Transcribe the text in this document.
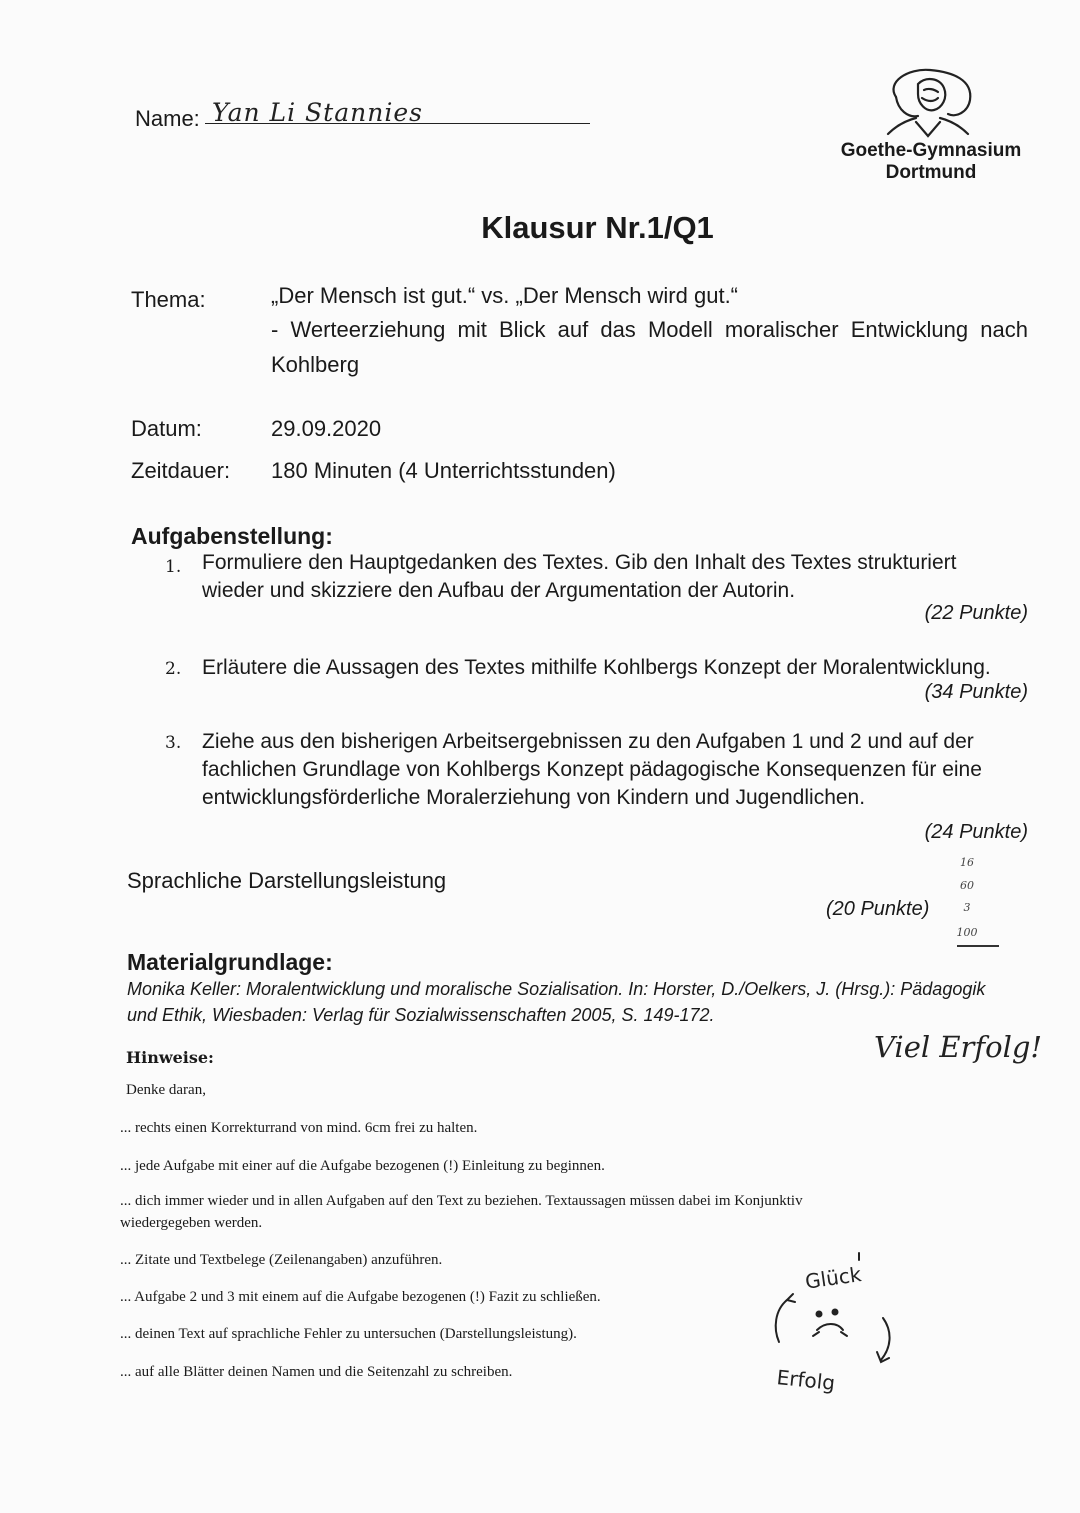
Name: Yan Li Stannies
Goethe-Gymnasium
Dortmund
Klausur Nr.1/Q1
Thema:	„Der Mensch ist gut.“ vs. „Der Mensch wird gut.“
- Werteerziehung mit Blick auf das Modell moralischer Entwicklung nach
Kohlberg
Datum:	29.09.2020
Zeitdauer: 180 Minuten (4 Unterrichtsstunden)
Aufgabenstellung:
1. Formuliere den Hauptgedanken des Textes. Gib den Inhalt des Textes strukturiert wieder und skizziere den Aufbau der Argumentation der Autorin.
(22 Punkte)
2. Erläutere die Aussagen des Textes mithilfe Kohlbergs Konzept der Moralentwicklung.
(34 Punkte)
3. Ziehe aus den bisherigen Arbeitsergebnissen zu den Aufgaben 1 und 2 und auf der fachlichen Grundlage von Kohlbergs Konzept pädagogische Konsequenzen für eine entwicklungsförderliche Moralerziehung von Kindern und Jugendlichen.
(24 Punkte)
Sprachliche Darstellungsleistung
(20 Punkte)
16
60
3
100
Materialgrundlage:
Monika Keller: Moralentwicklung und moralische Sozialisation. In: Horster, D./Oelkers, J. (Hrsg.): Pädagogik und Ethik, Wiesbaden: Verlag für Sozialwissenschaften 2005, S. 149-172.
Hinweise:	Viel Erfolg!
Denke daran,
... rechts einen Korrekturrand von mind. 6cm frei zu halten.
... jede Aufgabe mit einer auf die Aufgabe bezogenen (!) Einleitung zu beginnen.
... dich immer wieder und in allen Aufgaben auf den Text zu beziehen. Textaussagen müssen dabei im Konjunktiv wiedergegeben werden.
... Zitate und Textbelege (Zeilenangaben) anzuführen.
... Aufgabe 2 und 3 mit einem auf die Aufgabe bezogenen (!) Fazit zu schließen.
... deinen Text auf sprachliche Fehler zu untersuchen (Darstellungsleistung).
... auf alle Blätter deinen Namen und die Seitenzahl zu schreiben.
Glück
Erfolg
